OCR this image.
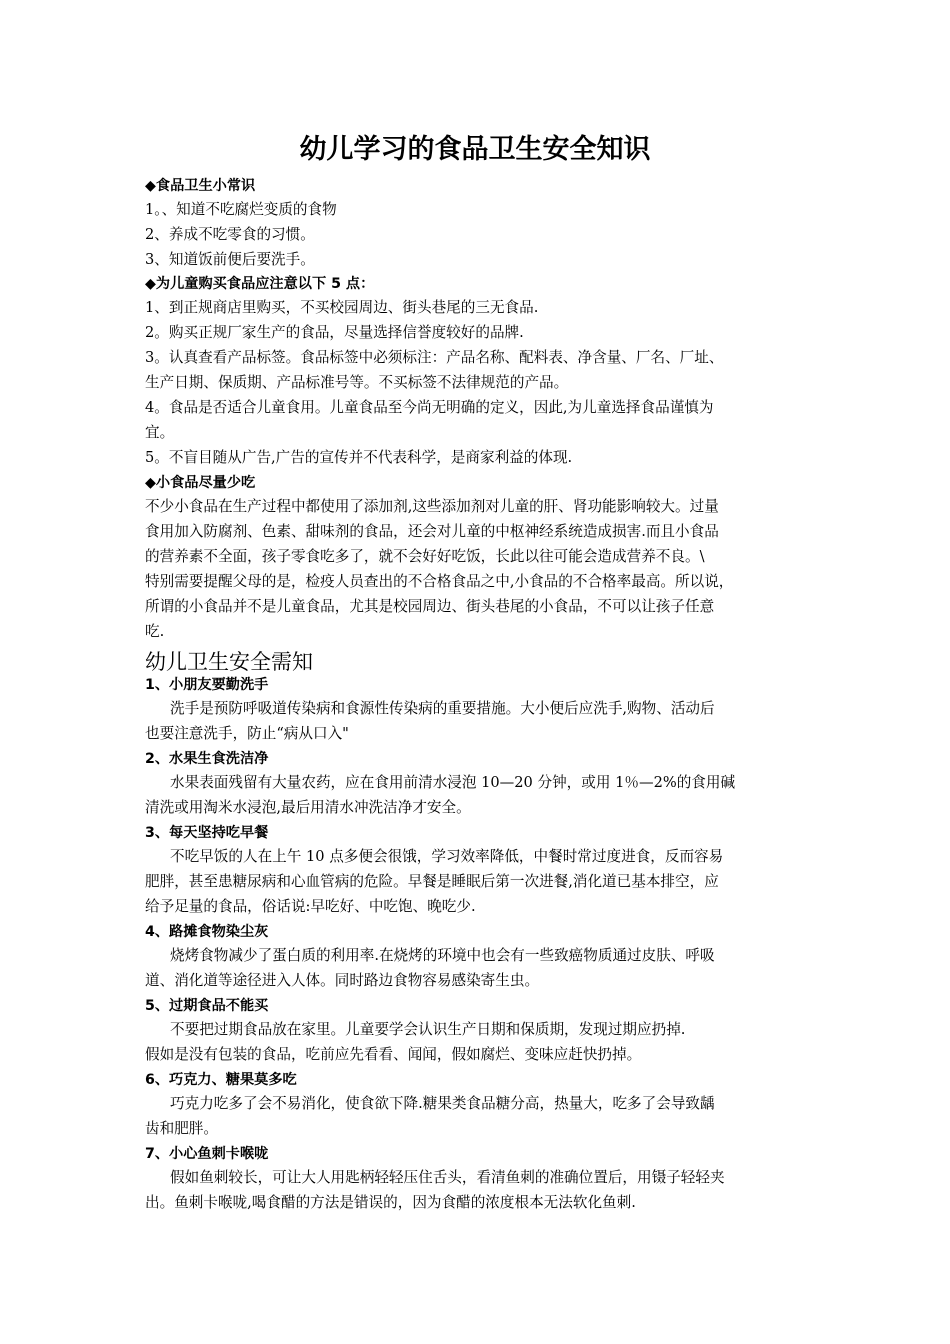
幼儿学习的食品卫生安全知识
◆食品卫生小常识
1。、知道不吃腐烂变质的食物
2、养成不吃零食的习惯。
3、知道饭前便后要洗手。
◆为儿童购买食品应注意以下 5 点：
1、到正规商店里购买，不买校园周边、街头巷尾的三无食品.
2。购买正规厂家生产的食品，尽量选择信誉度较好的品牌.
3。认真查看产品标签。食品标签中必须标注：产品名称、配料表、净含量、厂名、厂址、
生产日期、保质期、产品标准号等。不买标签不法律规范的产品。
4。食品是否适合儿童食用。儿童食品至今尚无明确的定义，因此,为儿童选择食品谨慎为
宜。
5。不盲目随从广告,广告的宣传并不代表科学，是商家利益的体现.
◆小食品尽量少吃
不少小食品在生产过程中都使用了添加剂,这些添加剂对儿童的肝、肾功能影响较大。过量
食用加入防腐剂、色素、甜味剂的食品，还会对儿童的中枢神经系统造成损害.而且小食品
的营养素不全面，孩子零食吃多了，就不会好好吃饭，长此以往可能会造成营养不良。\
特别需要提醒父母的是，检疫人员查出的不合格食品之中,小食品的不合格率最高。所以说，
所谓的小食品并不是儿童食品，尤其是校园周边、街头巷尾的小食品，不可以让孩子任意
吃.
幼儿卫生安全需知
1、小朋友要勤洗手
洗手是预防呼吸道传染病和食源性传染病的重要措施。大小便后应洗手,购物、活动后
也要注意洗手，防止“病从口入"
2、水果生食洗洁净
水果表面残留有大量农药，应在食用前清水浸泡 10—20 分钟，或用 1％—2%的食用碱
清洗或用淘米水浸泡,最后用清水冲洗洁净才安全。
3、每天坚持吃早餐
不吃早饭的人在上午 10 点多便会很饿，学习效率降低，中餐时常过度进食，反而容易
肥胖，甚至患糖尿病和心血管病的危险。早餐是睡眠后第一次进餐,消化道已基本排空，应
给予足量的食品，俗话说:早吃好、中吃饱、晚吃少.
4、路摊食物染尘灰
烧烤食物减少了蛋白质的利用率.在烧烤的环境中也会有一些致癌物质通过皮肤、呼吸
道、消化道等途径进入人体。同时路边食物容易感染寄生虫。
5、过期食品不能买
不要把过期食品放在家里。儿童要学会认识生产日期和保质期，发现过期应扔掉.
假如是没有包装的食品，吃前应先看看、闻闻，假如腐烂、变味应赶快扔掉。
6、巧克力、糖果莫多吃
巧克力吃多了会不易消化，使食欲下降.糖果类食品糖分高，热量大，吃多了会导致龋
齿和肥胖。
7、小心鱼刺卡喉咙
假如鱼刺较长，可让大人用匙柄轻轻压住舌头，看清鱼刺的准确位置后，用镊子轻轻夹
出。鱼刺卡喉咙,喝食醋的方法是错误的，因为食醋的浓度根本无法软化鱼刺.
